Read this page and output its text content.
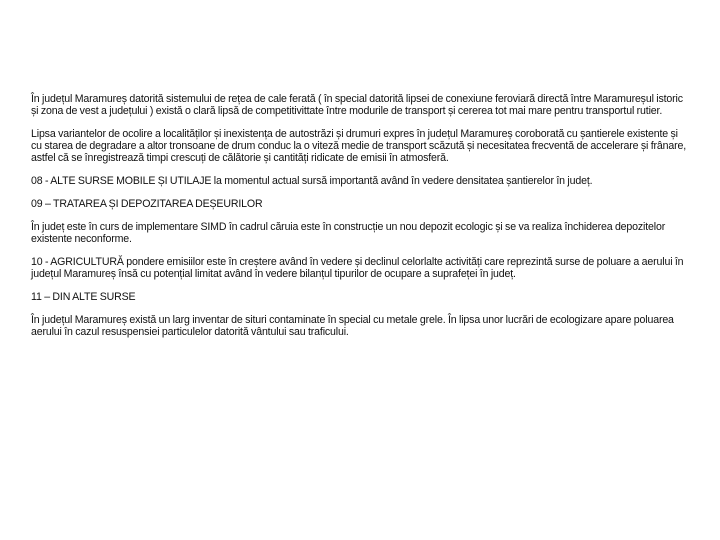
În județul Maramureș datorită sistemului de rețea de cale ferată ( în special datorită lipsei de conexiune feroviară directă între Maramureșul istoric și zona de vest a județului ) există o clară lipsă de competitivittate între modurile de transport și cererea tot mai mare pentru transportul rutier.

Lipsa variantelor de ocolire a localităților și inexistența de autostrăzi și drumuri expres în județul Maramureș coroborată cu șantierele existente și cu starea de degradare a altor tronsoane de drum conduc la o viteză medie de transport scăzută și necesitatea frecventă de accelerare și frânare, astfel că se înregistrează timpi crescuți de călătorie și cantități ridicate de emisii în atmosferă.

08 - ALTE SURSE MOBILE ȘI UTILAJE la momentul actual sursă importantă având în vedere densitatea șantierelor în județ.

09 – TRATAREA ȘI DEPOZITAREA DEȘEURILOR

În județ este în curs de implementare SIMD în cadrul căruia este în construcție un nou depozit ecologic și se va realiza închiderea depozitelor existente neconforme.

10 - AGRICULTURĂ pondere emisiilor este în creștere având în vedere și declinul celorlalte activități care reprezintă surse de poluare a aerului în județul Maramureș însă cu potențial limitat având în vedere bilanțul tipurilor de ocupare a suprafeței în județ.

11 – DIN ALTE SURSE

În județul Maramureș există un larg inventar de situri contaminate în special cu metale grele. În lipsa unor lucrări de ecologizare apare poluarea aerului în cazul resuspensiei particulelor datorită vântului sau traficului.
